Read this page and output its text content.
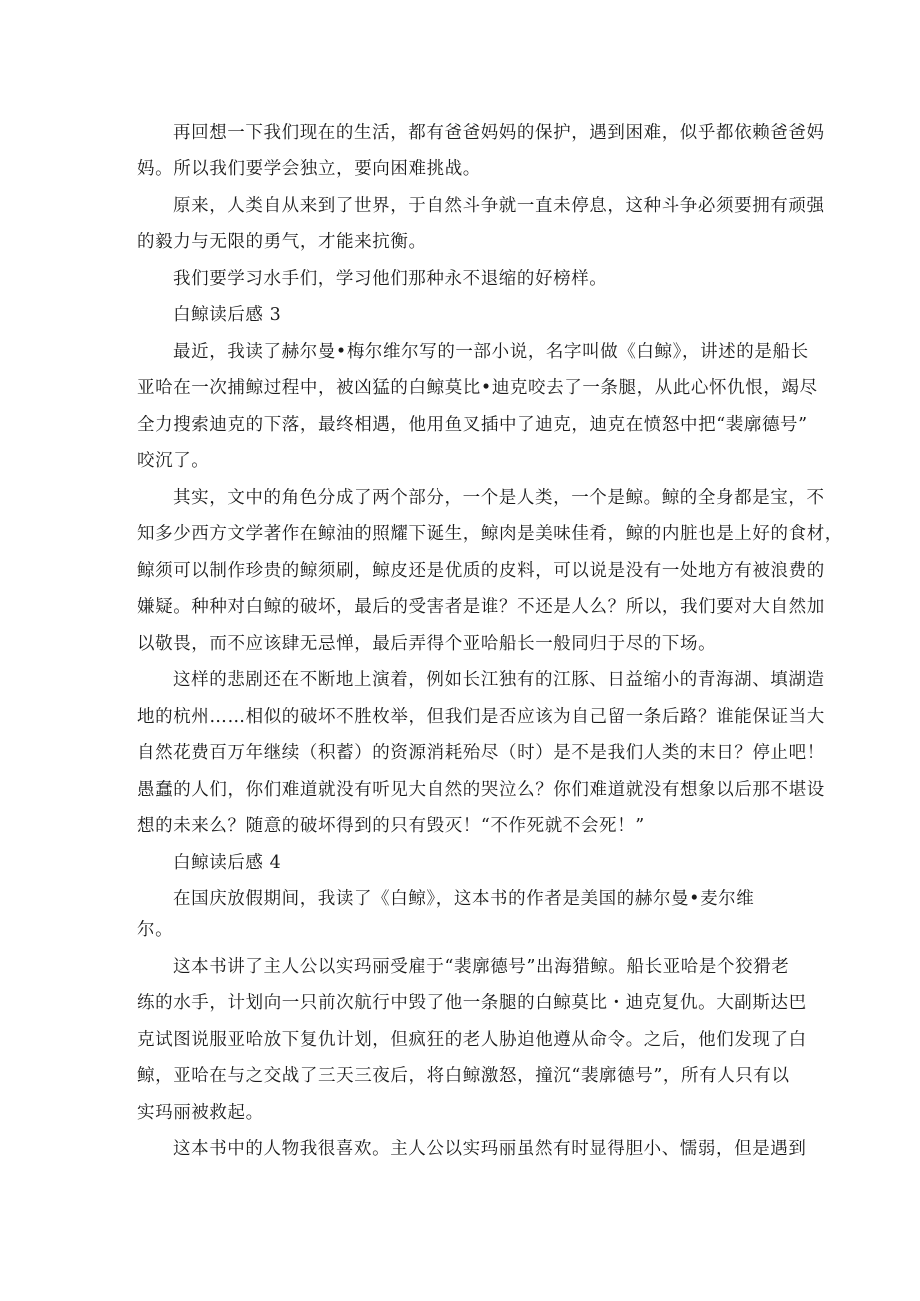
再回想一下我们现在的生活，都有爸爸妈妈的保护，遇到困难，似乎都依赖爸爸妈
妈。所以我们要学会独立，要向困难挑战。
原来，人类自从来到了世界，于自然斗争就一直未停息，这种斗争必须要拥有顽强
的毅力与无限的勇气，才能来抗衡。
我们要学习水手们，学习他们那种永不退缩的好榜样。
白鲸读后感 3
最近，我读了赫尔曼•梅尔维尔写的一部小说，名字叫做《白鲸》，讲述的是船长
亚哈在一次捕鲸过程中，被凶猛的白鲸莫比•迪克咬去了一条腿，从此心怀仇恨，竭尽
全力搜索迪克的下落，最终相遇，他用鱼叉插中了迪克，迪克在愤怒中把“裴廓德号”
咬沉了。
其实，文中的角色分成了两个部分，一个是人类，一个是鲸。鲸的全身都是宝，不
知多少西方文学著作在鲸油的照耀下诞生，鲸肉是美味佳肴，鲸的内脏也是上好的食材，
鲸须可以制作珍贵的鲸须刷，鲸皮还是优质的皮料，可以说是没有一处地方有被浪费的
嫌疑。种种对白鲸的破坏，最后的受害者是谁？不还是人么？所以，我们要对大自然加
以敬畏，而不应该肆无忌惮，最后弄得个亚哈船长一般同归于尽的下场。
这样的悲剧还在不断地上演着，例如长江独有的江豚、日益缩小的青海湖、填湖造
地的杭州……相似的破坏不胜枚举，但我们是否应该为自己留一条后路？谁能保证当大
自然花费百万年继续（积蓄）的资源消耗殆尽（时）是不是我们人类的末日？停止吧！
愚蠢的人们，你们难道就没有听见大自然的哭泣么？你们难道就没有想象以后那不堪设
想的未来么？随意的破坏得到的只有毁灭！“不作死就不会死！”
白鲸读后感 4
在国庆放假期间，我读了《白鲸》，这本书的作者是美国的赫尔曼•麦尔维
尔。
这本书讲了主人公以实玛丽受雇于“裴廓德号”出海猎鲸。船长亚哈是个狡猾老
练的水手，计划向一只前次航行中毁了他一条腿的白鲸莫比・迪克复仇。大副斯达巴
克试图说服亚哈放下复仇计划，但疯狂的老人胁迫他遵从命令。之后，他们发现了白
鲸，亚哈在与之交战了三天三夜后，将白鲸激怒，撞沉“裴廓德号”，所有人只有以
实玛丽被救起。
这本书中的人物我很喜欢。主人公以实玛丽虽然有时显得胆小、懦弱，但是遇到
